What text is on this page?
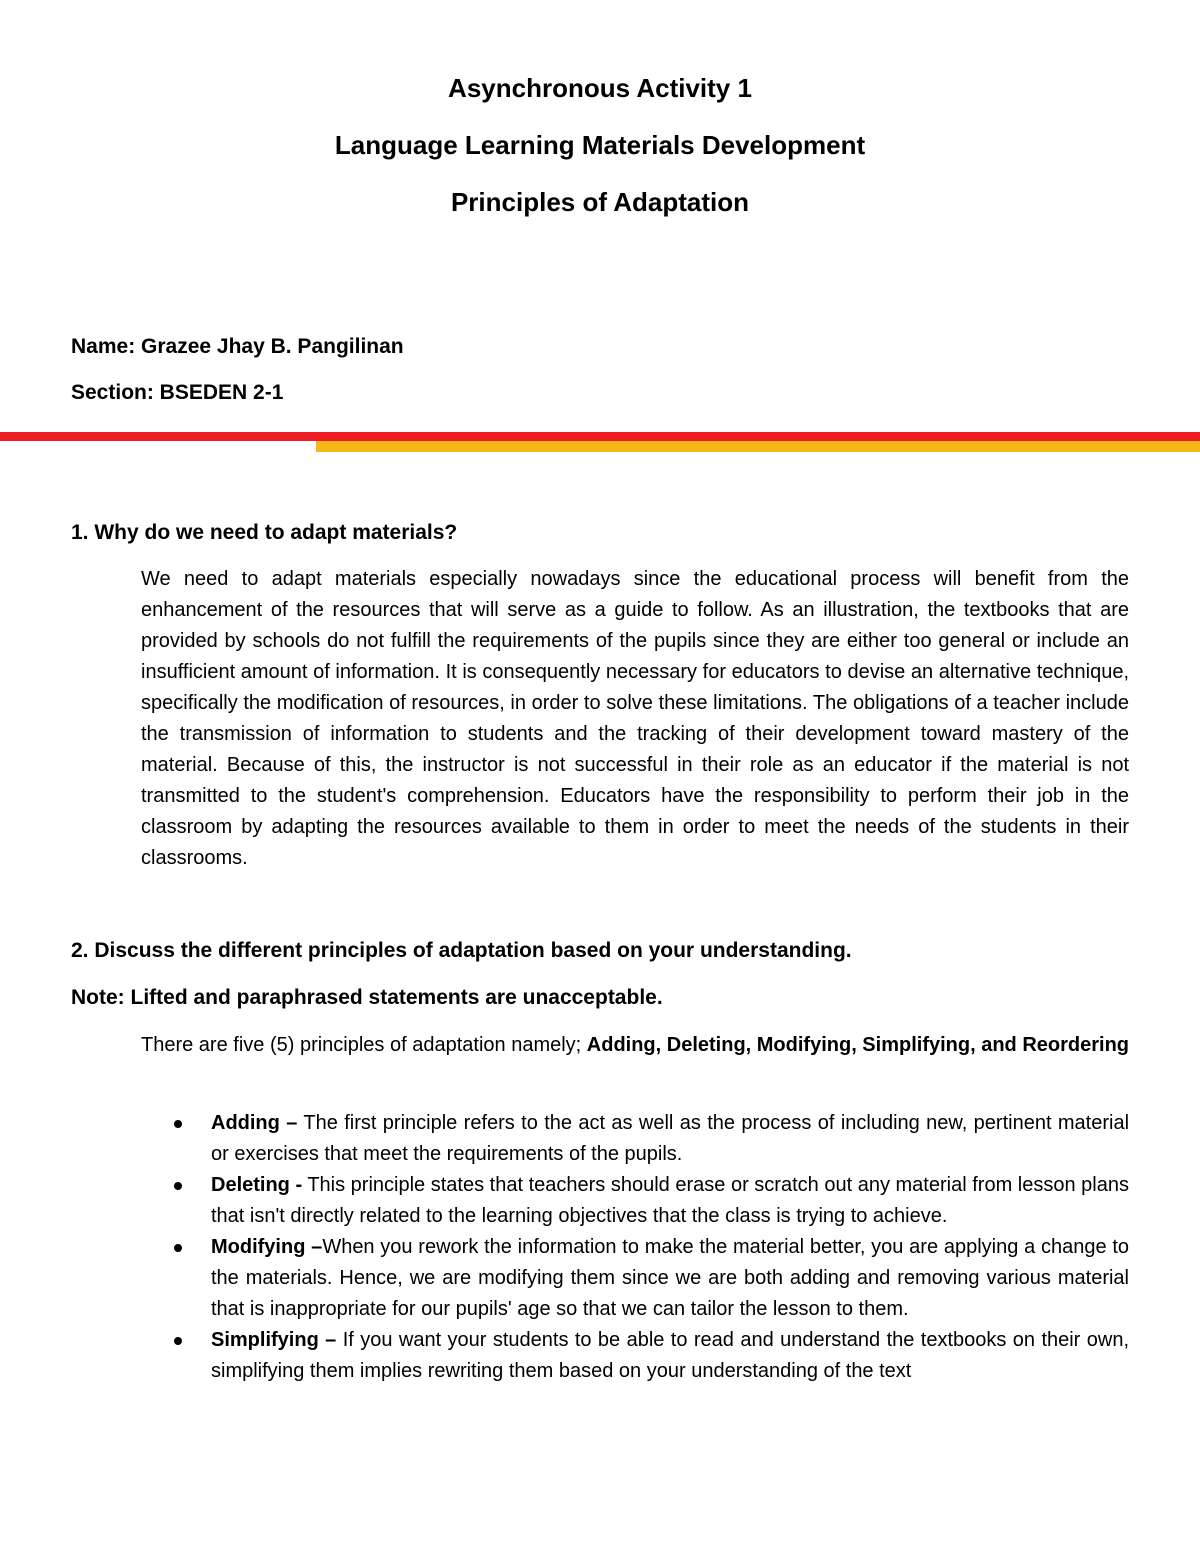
Asynchronous Activity 1
Language Learning Materials Development
Principles of Adaptation
Name: Grazee Jhay B. Pangilinan
Section: BSEDEN 2-1
1. Why do we need to adapt materials?
We need to adapt materials especially nowadays since the educational process will benefit from the enhancement of the resources that will serve as a guide to follow. As an illustration, the textbooks that are provided by schools do not fulfill the requirements of the pupils since they are either too general or include an insufficient amount of information. It is consequently necessary for educators to devise an alternative technique, specifically the modification of resources, in order to solve these limitations. The obligations of a teacher include the transmission of information to students and the tracking of their development toward mastery of the material. Because of this, the instructor is not successful in their role as an educator if the material is not transmitted to the student's comprehension. Educators have the responsibility to perform their job in the classroom by adapting the resources available to them in order to meet the needs of the students in their classrooms.
2. Discuss the different principles of adaptation based on your understanding.
Note: Lifted and paraphrased statements are unacceptable.
There are five (5) principles of adaptation namely; Adding, Deleting, Modifying, Simplifying, and Reordering
Adding – The first principle refers to the act as well as the process of including new, pertinent material or exercises that meet the requirements of the pupils.
Deleting - This principle states that teachers should erase or scratch out any material from lesson plans that isn't directly related to the learning objectives that the class is trying to achieve.
Modifying –When you rework the information to make the material better, you are applying a change to the materials. Hence, we are modifying them since we are both adding and removing various material that is inappropriate for our pupils' age so that we can tailor the lesson to them.
Simplifying – If you want your students to be able to read and understand the textbooks on their own, simplifying them implies rewriting them based on your understanding of the text
